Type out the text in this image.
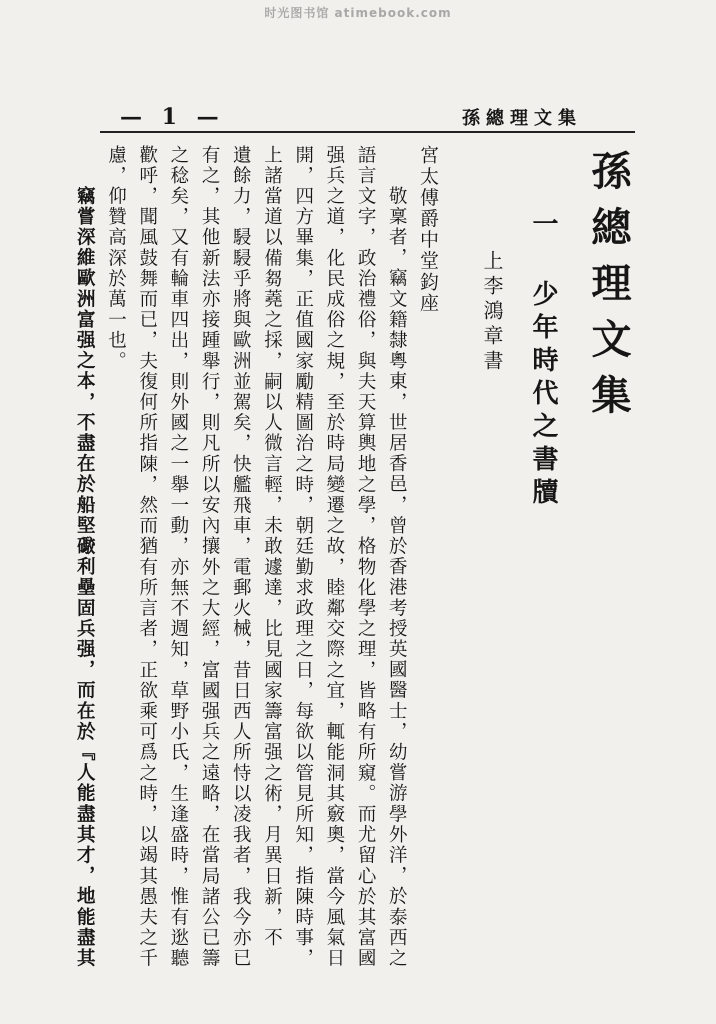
时光图书馆 atimebook.com
— 1 —	孫總理文集
孫總理文集
一 少年時代之書牘
上李鴻章書
宮太傅爵中堂鈞座
敬稟者，竊文籍隸粵東，世居香邑，曾於香港考授英國醫士，幼嘗游學外洋，於泰西之
語言文字，政治禮俗，與夫天算輿地之學，格物化學之理，皆略有所窺。而尤留心於其富國
强兵之道，化民成俗之規，至於時局變遷之故，睦鄰交際之宜，輒能洞其竅奧，當今風氣日
開，四方畢集，正值國家勵精圖治之時，朝廷勤求政理之日，每欲以管見所知，指陳時事，
上諸當道以備芻蕘之採，嗣以人微言輕，未敢遽達，比見國家籌富强之術，月異日新，不
遺餘力，駸駸乎將與歐洲並駕矣，快艦飛車，電郵火械，昔日西人所恃以凌我者，我今亦已
有之，其他新法亦接踵舉行，則凡所以安內攘外之大經，富國强兵之遠略，在當局諸公已籌
之稔矣，又有輪車四出，則外國之一舉一動，亦無不週知，草野小氏，生逢盛時，惟有逖聽
歡呼，聞風鼓舞而已，夫復何所指陳，然而猶有所言者，正欲乘可爲之時，以竭其愚夫之千
慮，仰贊高深於萬一也。
竊嘗深維歐洲富强之本，不盡在於船堅礮利壘固兵强，而在於『人能盡其才，地能盡其
